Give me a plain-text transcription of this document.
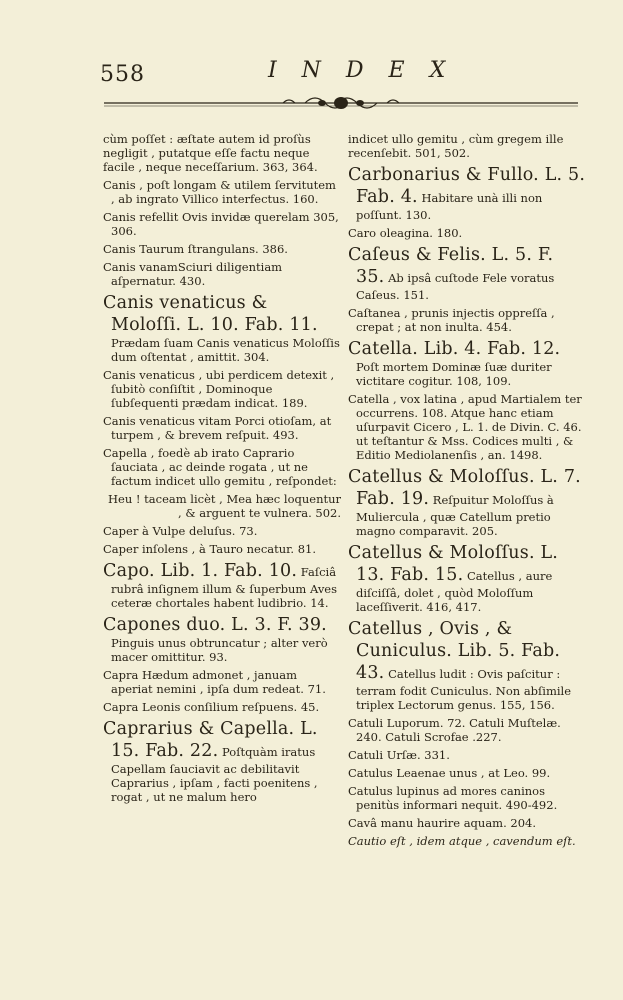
558	I N D E X
cùm poſſet : æſtate autem id proſùs negligit , putatque eſſe factu neque facile , neque neceſſarium. 363, 364.
Canis , poſt longam & utilem ſervitutem , ab ingrato Villico interfectus. 160.
Canis refellit Ovis invidæ querelam 305, 306.
Canis Taurum ſtrangulans. 386.
Canis vanamSciuri diligentiam aſpernatur. 430.
Canis venaticus & Moloſſi. L. 10. Fab. 11. Prædam ſuam Canis venaticus Moloſſis dum oſtentat , amittit. 304.
Canis venaticus , ubi perdicem detexit , ſubitò conſiſtit , Dominoque ſubſequenti prædam indicat. 189.
Canis venaticus vitam Porci otioſam, at turpem , & brevem reſpuit. 493.
Capella , foedè ab irato Caprario ſauciata , ac deinde rogata , ut ne factum indicet ullo gemitu , reſpondet:
Heu ! taceam licèt , Mea hæc loquentur , & arguent te vulnera. 502.
Caper à Vulpe deluſus. 73.
Caper inſolens , à Tauro necatur. 81.
Capo. Lib. 1. Fab. 10. Faſciâ rubrâ inſignem illum & ſuperbum Aves ceteræ chortales habent ludibrio. 14.
Capones duo. L. 3. F. 39. Pinguis unus obtruncatur ; alter verò macer omittitur. 93.
Capra Hædum admonet , januam aperiat nemini , ipſa dum redeat. 71.
Capra Leonis conſilium reſpuens. 45.
Caprarius & Capella. L. 15. Fab. 22. Poſtquàm iratus Capellam ſauciavit ac debilitavit Caprarius , ipſam , facti poenitens , rogat , ut ne malum hero
indicet ullo gemitu , cùm gregem ille recenſebit. 501, 502.
Carbonarius & Fullo. L. 5. Fab. 4. Habitare unà illi non poſſunt. 130.
Caro oleagina. 180.
Caſeus & Felis. L. 5. F. 35. Ab ipsâ cuſtode Fele voratus Caſeus. 151.
Caſtanea , prunis injectis oppreſſa , crepat ; at non inulta. 454.
Catella. Lib. 4. Fab. 12. Poſt mortem Dominæ ſuæ duriter victitare cogitur. 108, 109.
Catella , vox latina , apud Martialem ter occurrens. 108. Atque hanc etiam uſurpavit Cicero , L. 1. de Divin. C. 46. ut teſtantur & Mss. Codices multi , & Editio Mediolanenſis , an. 1498.
Catellus & Moloſſus. L. 7. Fab. 19. Reſpuitur Moloſſus à Muliercula , quæ Catellum pretio magno comparavit. 205.
Catellus & Moloſſus. L. 13. Fab. 15. Catellus , aure diſciſſâ, dolet , quòd Moloſſum laceſſiverit. 416, 417.
Catellus , Ovis , & Cuniculus. Lib. 5. Fab. 43. Catellus ludit : Ovis paſcitur : terram fodit Cuniculus. Non abſimile triplex Lectorum genus. 155, 156.
Catuli Luporum. 72. Catuli Muſtelæ. 240. Catuli Scrofae .227.
Catuli Urſæ. 331.
Catulus Leaenae unus , at Leo. 99.
Catulus lupinus ad mores caninos penitùs informari nequit. 490-492.
Cavâ manu haurire aquam. 204.
Cautio eſt , idem atque , cavendum eſt.
